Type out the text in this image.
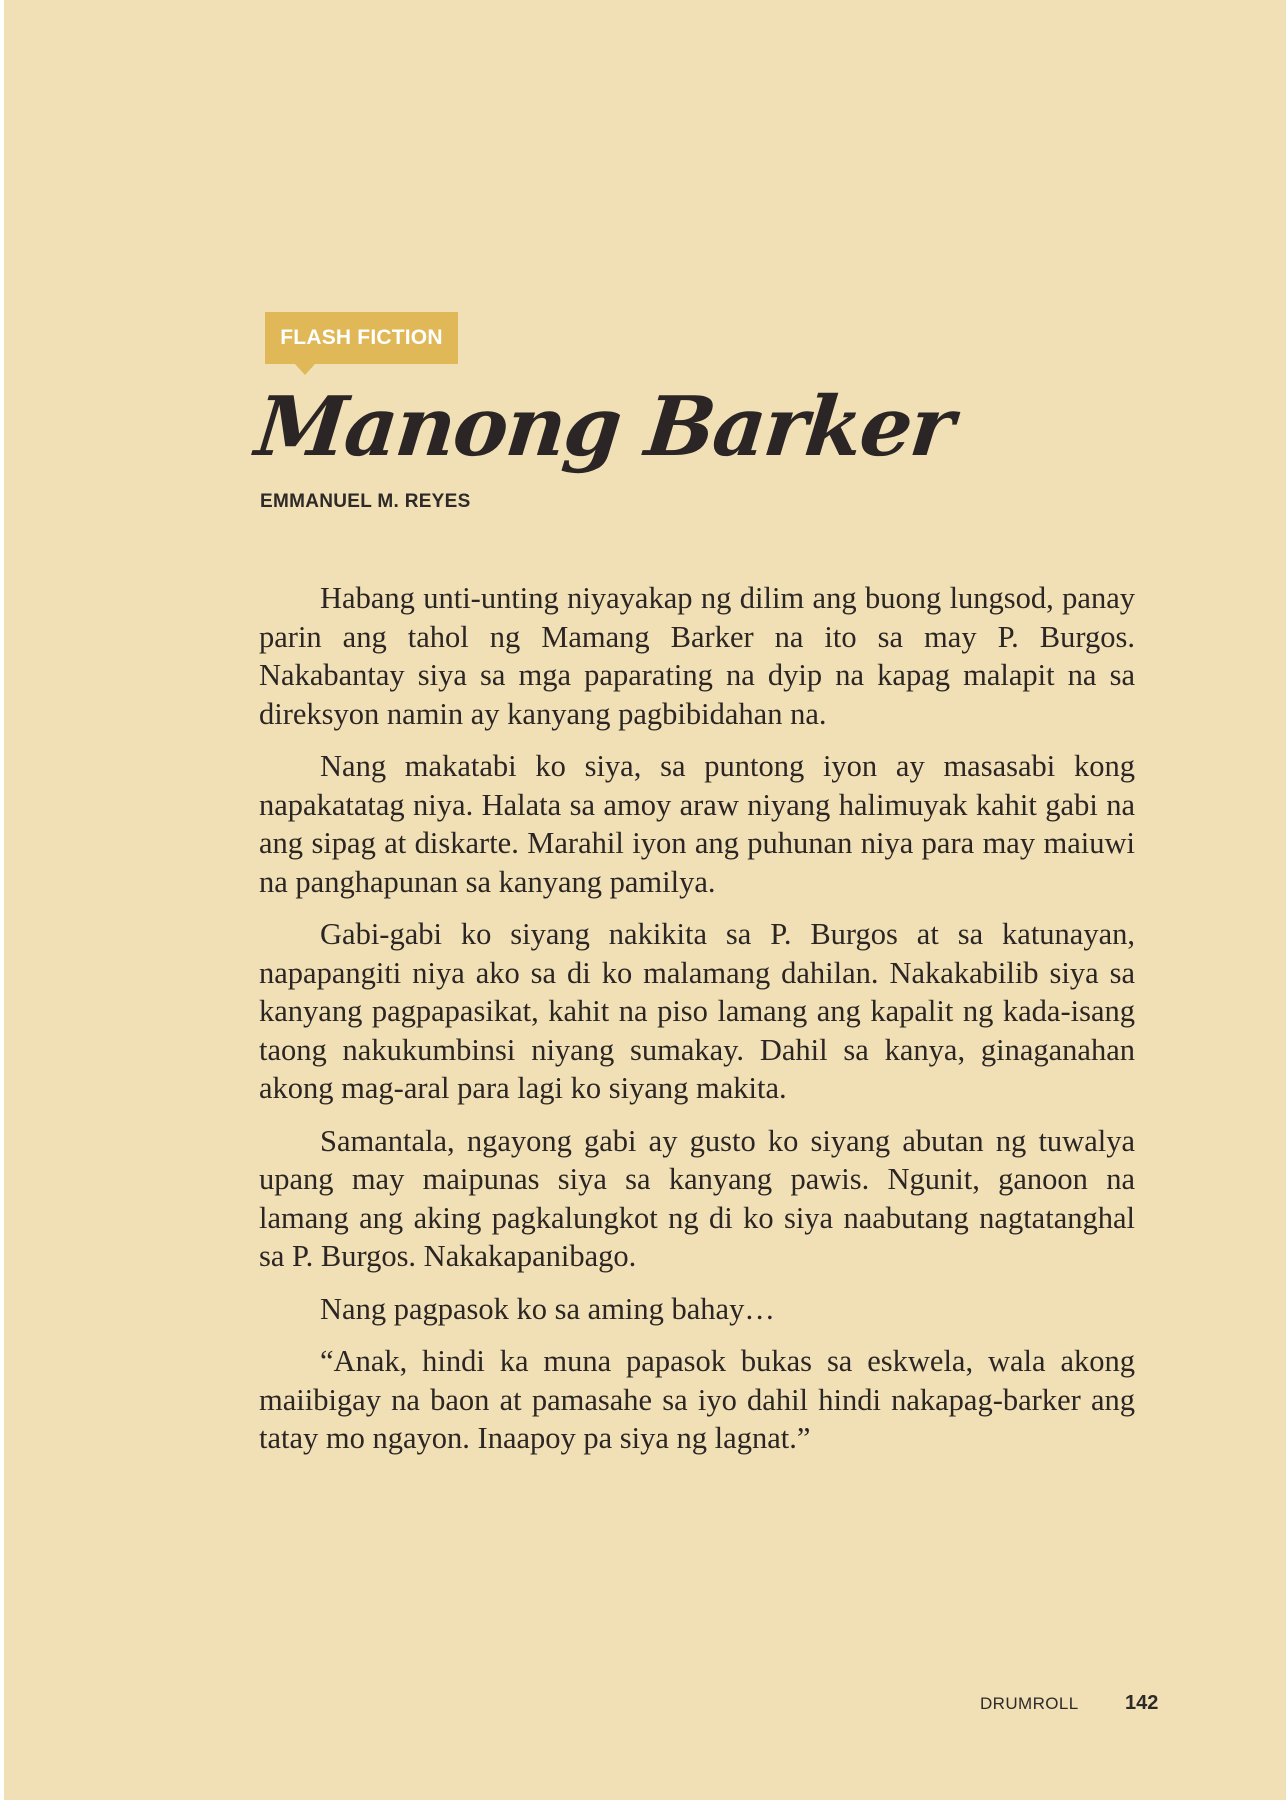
FLASH FICTION
Manong Barker
EMMANUEL M. REYES

Habang unti-unting niyayakap ng dilim ang buong lungsod, panay parin ang tahol ng Mamang Barker na ito sa may P. Burgos. Nakabantay siya sa mga paparating na dyip na kapag malapit na sa direksyon namin ay kanyang pagbibidahan na.

Nang makatabi ko siya, sa puntong iyon ay masasabi kong napakatatag niya. Halata sa amoy araw niyang halimuyak kahit gabi na ang sipag at diskarte. Marahil iyon ang puhunan niya para may maiuwi na panghapunan sa kanyang pamilya.

Gabi-gabi ko siyang nakikita sa P. Burgos at sa katunayan, napapangiti niya ako sa di ko malamang dahilan. Nakakabilib siya sa kanyang pagpapasikat, kahit na piso lamang ang kapalit ng kada-isang taong nakukumbinsi niyang sumakay. Dahil sa kanya, ginaganahan akong mag-aral para lagi ko siyang makita.

Samantala, ngayong gabi ay gusto ko siyang abutan ng tuwalya upang may maipunas siya sa kanyang pawis. Ngunit, ganoon na lamang ang aking pagkalungkot ng di ko siya naabutang nagtatanghal sa P. Burgos. Nakakapanibago.

Nang pagpasok ko sa aming bahay…

“Anak, hindi ka muna papasok bukas sa eskwela, wala akong maiibigay na baon at pamasahe sa iyo dahil hindi nakapag-barker ang tatay mo ngayon. Inaapoy pa siya ng lagnat.”

DRUMROLL 142
